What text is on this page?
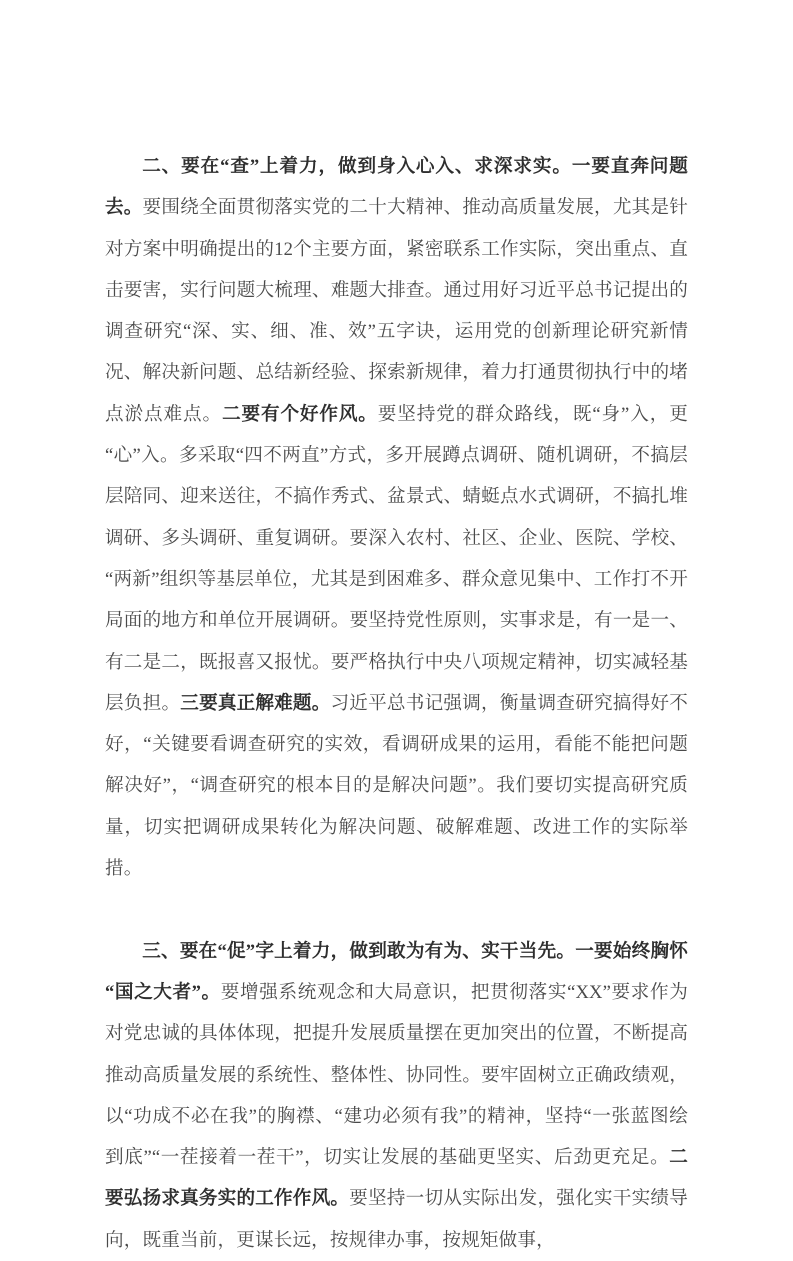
二、要在“查”上着力，做到身入心入、求深求实。一要直奔问题去。要围绕全面贯彻落实党的二十大精神、推动高质量发展，尤其是针对方案中明确提出的12个主要方面，紧密联系工作实际，突出重点、直击要害，实行问题大梳理、难题大排查。通过用好习近平总书记提出的调查研究“深、实、细、准、效”五字诀，运用党的创新理论研究新情况、解决新问题、总结新经验、探索新规律，着力打通贯彻执行中的堵点淤点难点。二要有个好作风。要坚持党的群众路线，既“身”入，更“心”入。多采取“四不两直”方式，多开展蹲点调研、随机调研，不搞层层陪同、迎来送往，不搞作秀式、盆景式、蜻蜓点水式调研，不搞扎堆调研、多头调研、重复调研。要深入农村、社区、企业、医院、学校、“两新”组织等基层单位，尤其是到困难多、群众意见集中、工作打不开局面的地方和单位开展调研。要坚持党性原则，实事求是，有一是一、有二是二，既报喜又报忧。要严格执行中央八项规定精神，切实减轻基层负担。三要真正解难题。习近平总书记强调，衡量调查研究搞得好不好，“关键要看调查研究的实效，看调研成果的运用，看能不能把问题解决好”，“调查研究的根本目的是解决问题”。我们要切实提高研究质量，切实把调研成果转化为解决问题、破解难题、改进工作的实际举措。

三、要在“促”字上着力，做到敢为有为、实干当先。一要始终胸怀“国之大者”。要增强系统观念和大局意识，把贯彻落实“XX”要求作为对党忠诚的具体体现，把提升发展质量摆在更加突出的位置，不断提高推动高质量发展的系统性、整体性、协同性。要牢固树立正确政绩观，以“功成不必在我”的胸襟、“建功必须有我”的精神，坚持“一张蓝图绘到底”“一茬接着一茬干”，切实让发展的基础更坚实、后劲更充足。二要弘扬求真务实的工作作风。要坚持一切从实际出发，强化实干实绩导向，既重当前，更谋长远，按规律办事，按规矩做事，
